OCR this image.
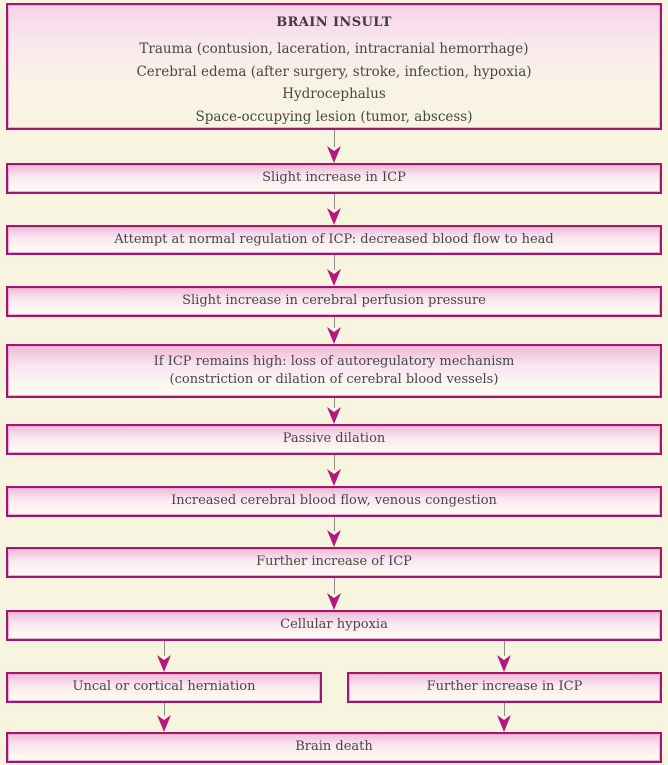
BRAIN INSULT
Trauma (contusion, laceration, intracranial hemorrhage)
Cerebral edema (after surgery, stroke, infection, hypoxia)
Hydrocephalus
Space-occupying lesion (tumor, abscess)
Slight increase in ICP
Attempt at normal regulation of ICP: decreased blood flow to head
Slight increase in cerebral perfusion pressure
If ICP remains high: loss of autoregulatory mechanism
(constriction or dilation of cerebral blood vessels)
Passive dilation
Increased cerebral blood flow, venous congestion
Further increase of ICP
Cellular hypoxia
Uncal or cortical herniation	Further increase in ICP
Brain death
